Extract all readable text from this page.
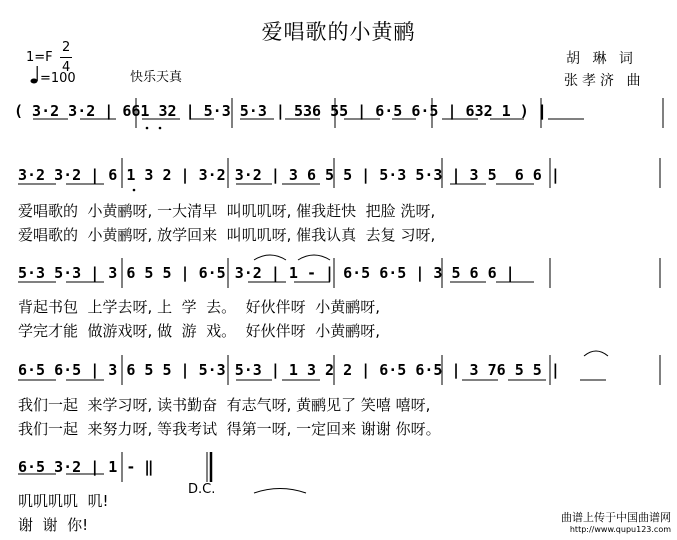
爱唱歌的小黄鹂
1=F
2
4
=100	快乐天真
胡 琳 词
张孝济 曲
( 3·2 3·2 | 661 32 | 5·3 5·3 | 536 55 | 6·5 6·5 | 632 1 ) |
3·2 3·2 | 6 1 3 2 | 3·2 3·2 | 3 6 5 5 | 5·3 5·3 | 3 5  6 6 |
爱唱歌的  小黄鹂呀, 一大清早  叫叽叽呀, 催我赶快  把脸 洗呀,
爱唱歌的  小黄鹂呀, 放学回来  叫叽叽呀, 催我认真  去复 习呀,
5·3 5·3 | 3 6 5 5 | 6·5 3·2 | 1 - | 6·5 6·5 | 3 5 6 6 |
背起书包  上学去呀, 上  学  去。  好伙伴呀  小黄鹂呀,
学完才能  做游戏呀, 做  游  戏。  好伙伴呀  小黄鹂呀,
6·5 6·5 | 3 6 5 5 | 5·3 5·3 | 1 3 2 2 | 6·5 6·5 | 3 76 5 5 |
我们一起  来学习呀, 读书勤奋  有志气呀, 黄鹂见了 笑嘻 嘻呀,
我们一起  来努力呀, 等我考试  得第一呀, 一定回来 谢谢 你呀。
6·5 3·2 | 1 - ‖
D.C.
叽叽叽叽  叽!
谢  谢  你!	曲谱上传于中国曲谱网
http://www.qupu123.com
